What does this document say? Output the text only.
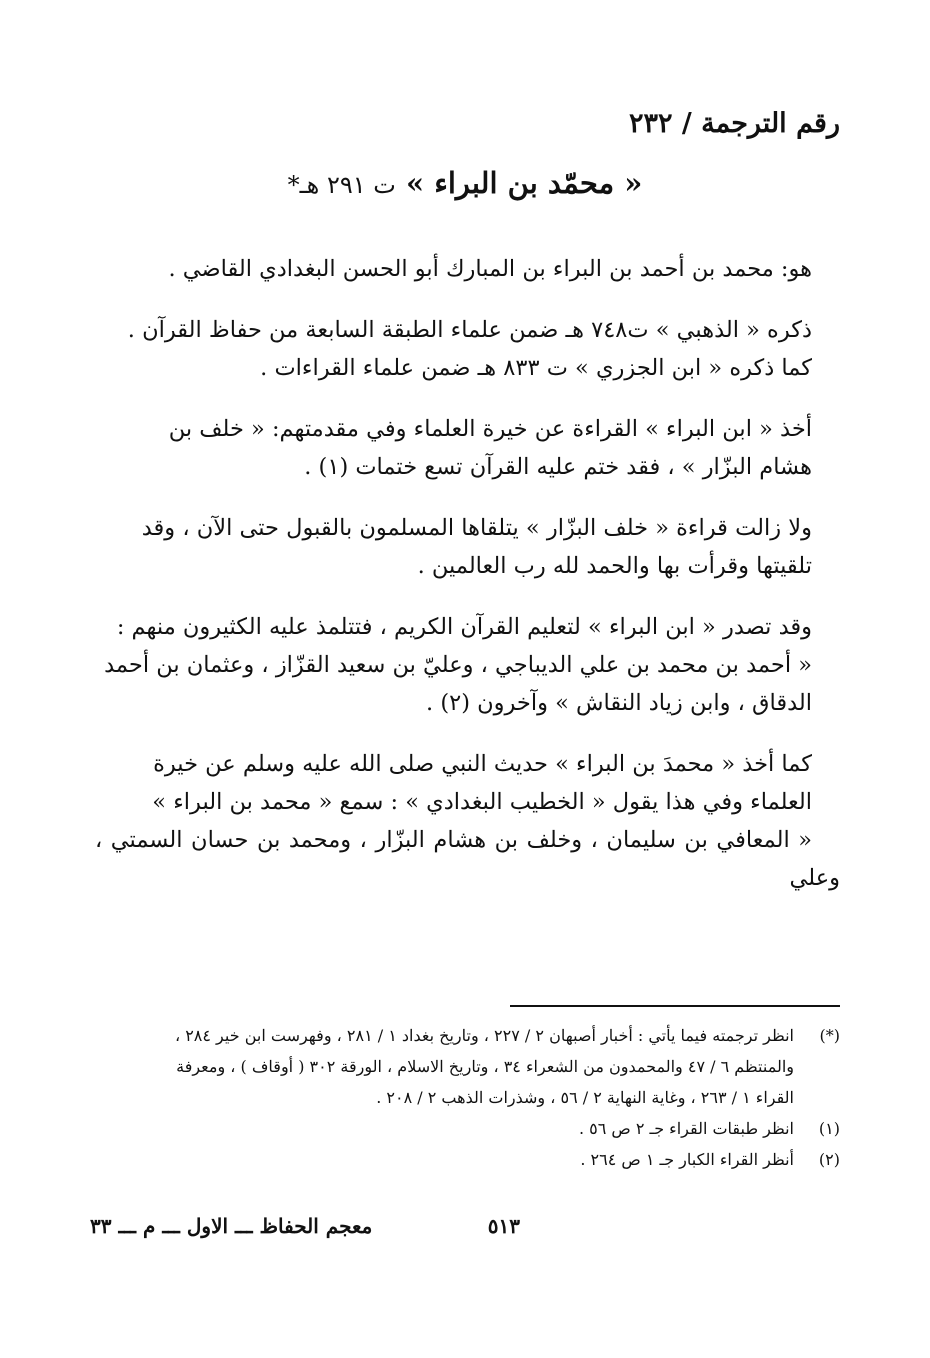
رقم الترجمة / ٢٣٢
« محمّد بن البراء » ت ٢٩١ هـ*

هو: محمد بن أحمد بن البراء بن المبارك أبو الحسن البغدادي القاضي .

ذكره « الذهبي » ت٧٤٨ هـ ضمن علماء الطبقة السابعة من حفاظ القرآن .
كما ذكره « ابن الجزري » ت ٨٣٣ هـ ضمن علماء القراءات .

أخذ « ابن البراء » القراءة عن خيرة العلماء وفي مقدمتهم: « خلف بن
هشام البزّار » ، فقد ختم عليه القرآن تسع ختمات (١) .

ولا زالت قراءة « خلف البزّار » يتلقاها المسلمون بالقبول حتى الآن ، وقد
تلقيتها وقرأت بها والحمد لله رب العالمين .

وقد تصدر « ابن البراء » لتعليم القرآن الكريم ، فتتلمذ عليه الكثيرون منهم :
« أحمد بن محمد بن علي الديباجي ، وعليّ بن سعيد القزّاز ، وعثمان بن أحمد
الدقاق ، وابن زياد النقاش » وآخرون (٢) .

كما أخذ « محمدَ بن البراء » حديث النبي صلى الله عليه وسلم عن خيرة
العلماء وفي هذا يقول « الخطيب البغدادي » : سمع « محمد بن البراء »
« المعافي بن سليمان ، وخلف بن هشام البزّار ، ومحمد بن حسان السمتي ، وعلي

(*)
انظر ترجمته فيما يأتي : أخبار أصبهان ٢ / ٢٢٧ ، وتاريخ بغداد ١ / ٢٨١ ، وفهرست ابن خير ٢٨٤ ،
والمنتظم ٦ / ٤٧ والمحمدون من الشعراء ٣٤ ، وتاريخ الاسلام ، الورقة ٣٠٢ ( أوقاف ) ، ومعرفة
القراء ١ / ٢٦٣ ، وغاية النهاية ٢ / ٥٦ ، وشذرات الذهب ٢ / ٢٠٨ .
(١)
انظر طبقات القراء جـ ٢ ص ٥٦ .
(٢)
أنظر القراء الكبار جـ ١ ص ٢٦٤ .
٥١٣
معجم الحفاظ ـــ الاول ـــ م ـــ ٣٣
